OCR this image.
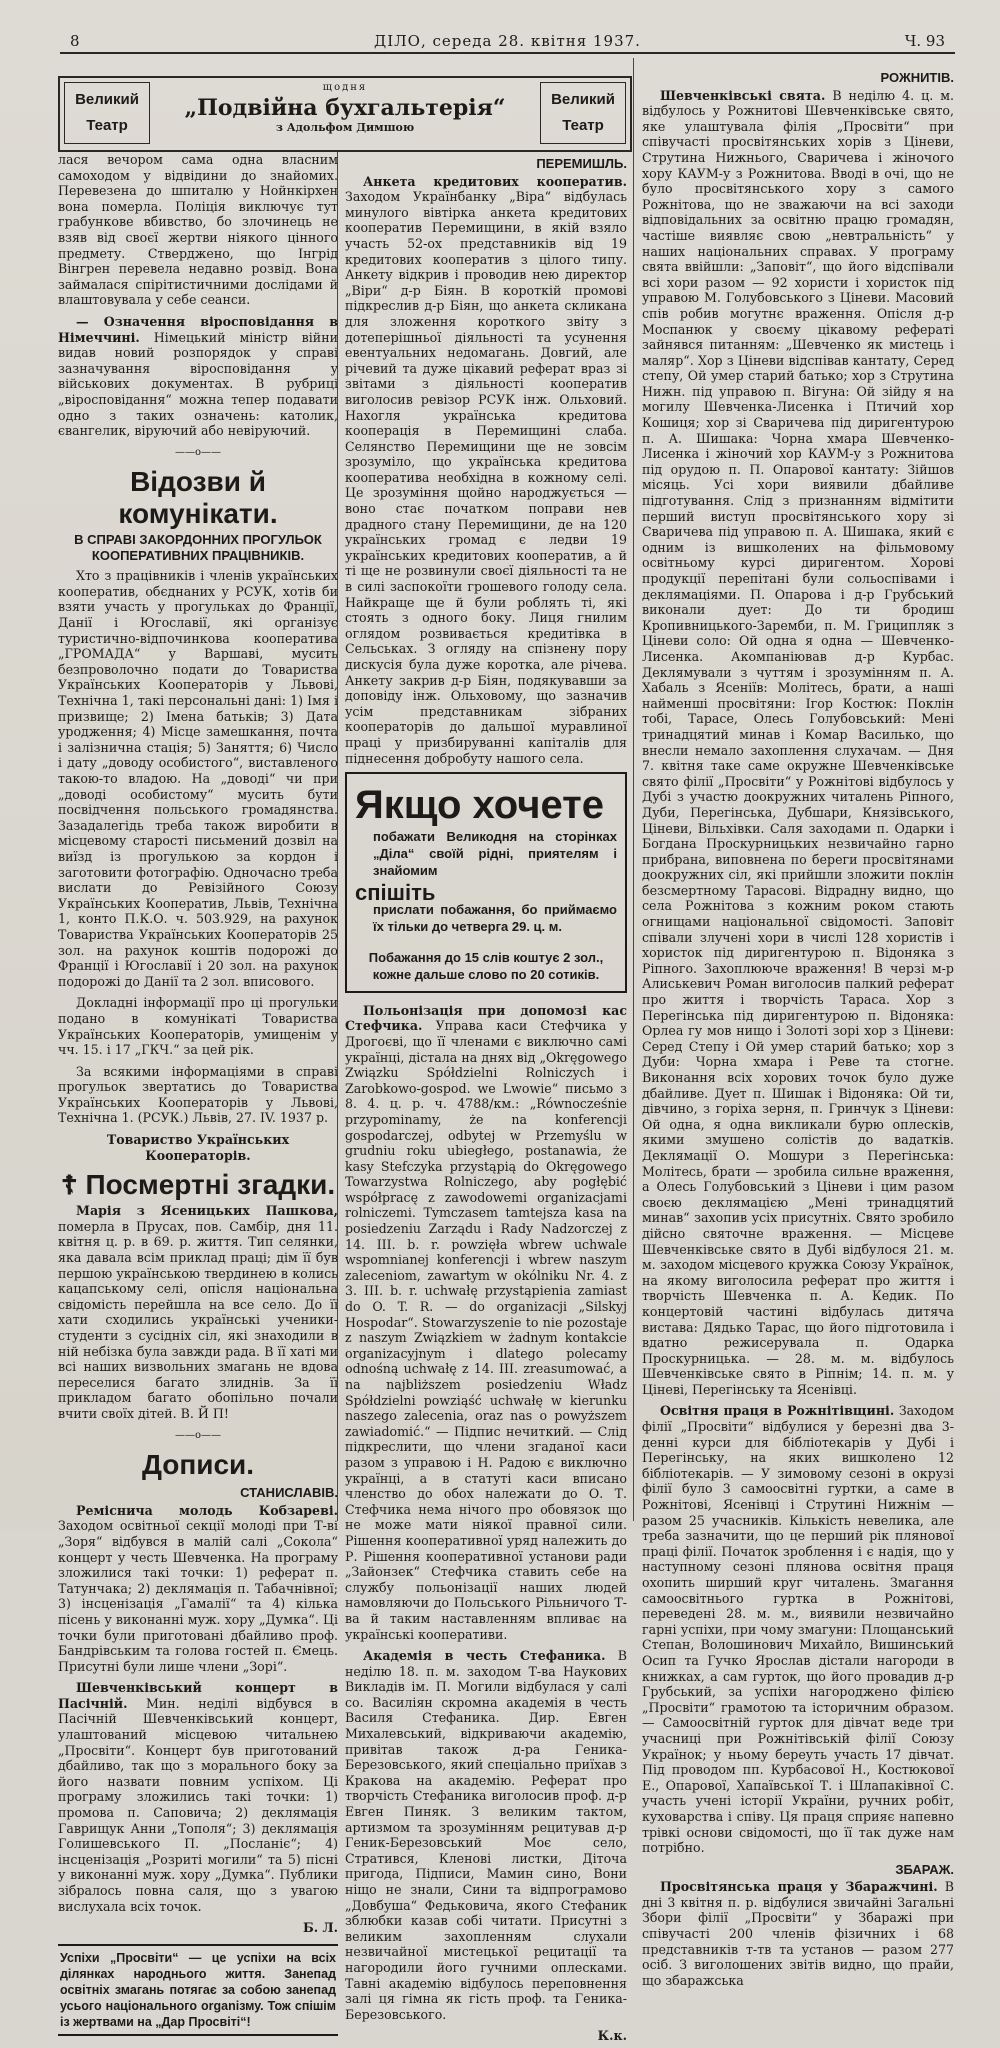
8	ДІЛО, середа 28. квітня 1937.	Ч. 93
Великий Театр
щодня
„Подвійна бухгальтерія“
з Адольфом Димшою
Великий Театр

лася вечором сама одна власним самоходом у відвідини до знайомих. Перевезена до шпиталю у Нойнкірхен вона померла. Поліція виключує тут грабункове вбивство, бо злочинець не взяв від своєї жертви ніякого цінного предмету. Стверджено, що Інгрід Вінгрен перевела недавно розвід. Вона займалася спірітистичними дослідами й влаштовувала у себе сеанси.

— Означення віросповідання в Німеччині. Німецький міністр війни видав новий розпорядок у справі зазначування віросповідання у військових документах. В рубриці „віросповідання“ можна тепер подавати одно з таких означень: католик, євангелик, віруючий або невіруючий.

——o——
Відозви й комунікати.
В СПРАВІ ЗАКОРДОННИХ ПРОГУЛЬОК КООПЕРАТИВНИХ ПРАЦІВНИКІВ.

Хто з працівників і членів українських кооператив, обєднаних у РСУК, хотів би взяти участь у прогульках до Франції, Данії і Югославії, які організує туристично-відпочинкова кооператива „ГРОМАДА“ у Варшаві, мусить безпроволочно подати до Товариства Українських Кооператорів у Львові, Технічна 1, такі персональні дані: 1) Імя і призвище; 2) Імена батьків; 3) Дата уродження; 4) Місце замешкання, почта і залізнична стація; 5) Заняття; 6) Число і дату „доводу особистого“, виставленого такою-то владою. На „доводі“ чи при „доводі особистому“ мусить бути посвідчення польського громадянства. Зазадалегідь треба також виробити в місцевому старості письмений дозвіл на виїзд із прогулькою за кордон і заготовити фотографію. Одночасно треба вислати до Ревізійного Союзу Українських Кооператив, Львів, Технічна 1, конто П.К.О. ч. 503.929, на рахунок Товариства Українських Кооператорів 25 зол. на рахунок коштів подорожі до Франції і Югославії і 20 зол. на рахунок подорожі до Данії та 2 зол. вписового.

Докладні інформації про ці прогульки подано в комунікаті Товариства Українських Кооператорів, умищенім у чч. 15. і 17 „ГКЧ.“ за цей рік.

За всякими інформаціями в справі прогульок звертатись до Товариства Українських Кооператорів у Львові, Технічна 1. (РСУК.) Львів, 27. IV. 1937 р.

Товариство Українських Кооператорів.
☦ Посмертні згадки.

Марія з Ясеницьких Пашкова, померла в Прусах, пов. Самбір, дня 11. квітня ц. р. в 69. р. життя. Тип селянки, яка давала всім приклад праці; дім її був першою українською твердинею в колись кацапському селі, опісля національна свідомість перейшла на все село. До її хати сходились українські ученики-студенти з сусідніх сіл, які знаходили в ній небізка була завжди рада. В її хаті ми всі наших визвольних змагань не вдова переселися багато злиднів. За її прикладом багато обопільно почали вчити своїх дітей. В. Й П!

——o——
Дописи.
СТАНИСЛАВІВ.

Реміснича молодь Кобзареві. Заходом освітньої секції молоді при Т-ві „Зоря“ відбувся в малій салі „Сокола“ концерт у честь Шевченка. На програму зложилися такі точки: 1) реферат п. Татунчака; 2) деклямація п. Табачнівної; 3) інсценізація „Гамалії“ та 4) кілька пісень у виконанні муж. хору „Думка“. Ці точки були приготовані дбайливо проф. Бандрівським та голова гостей п. Ємець. Присутні були лише члени „Зорі“.

Шевченківський концерт в Пасічній. Мин. неділі відбувся в Пасічній Шевченківський концерт, улаштований місцевою читальнею „Просвіти“. Концерт був приготований дбайливо, так що з морального боку за його назвати повним успіхом. Ці програму зложились такі точки: 1) промова п. Саповича; 2) деклямація Гаврищук Анни „Тополя“; 3) деклямація Голишевського П. „Посланіє“; 4) інсценізація „Розриті могили“ та 5) пісні у виконанні муж. хору „Думка“. Публики зібралось повна саля, що з увагою вислухала всіх точок.

Б. Л.
Успіхи „Просвіти“ — це успіхи на всіх ділянках народнього життя. Занепад освітніх змагань потягає за собою занепад усього національного organізму. Тож спішім із жертвами на „Дар Просвіті“!
ПЕРЕМИШЛЬ.

Анкета кредитових кооператив. Заходом Українбанку „Віра“ відбулась минулого вівтірка анкета кредитових кооператив Перемищини, в якій взяло участь 52-ох представників від 19 кредитових кооператив з цілого типу. Анкету відкрив і проводив нею директор „Віри“ д-р Біян. В короткій промові підкреслив д-р Біян, що анкета скликана для зложення короткого звіту з дотеперішньої діяльності та усунення евентуальних недомагань. Довгий, але річевий та дуже цікавий реферат враз зі звітами з діяльності кооператив виголосив ревізор РСУК інж. Ольховий. Нахогля українська кредитова кооперація в Перемищині слаба. Селянство Перемищини ще не зовсім зрозуміло, що українська кредитова кооператива необхідна в кожному селі. Це зрозуміння щойно народжується — воно стає початком поправи нев драдного стану Перемищини, де на 120 українських громад є ледви 19 українських кредитових кооператив, а й ті ще не розвинули своєї діяльності та не в силі заспокоїти грошевого голоду села. Найкраще ще й були роблять ті, які стоять з одного боку. Лиця гнилим оглядом розвивається кредитівка в Сельськах. З огляду на спізнену пору дискусія була дуже коротка, але річева. Анкету закрив д-р Біян, подякувавши за доповіду інж. Ольховому, що зазначив усім представникам зібраних кооператорів до дальшої муравлиної праці у призбируванні капіталів для піднесення добробуту нашого села.

Якщо хочете
побажати Великодня на сторінках „Діла“ своїй рідні, приятелям і знайомим
спішіть
прислати побажання, бо приймаємо їх тільки до четверга 29. ц. м.
Побажання до 15 слів коштує 2 зол., кожне дальше слово по 20 сотиків.

Польонізація при допомозі кас Стефчика. Управа каси Стефчика у Дрогоєві, що її членами є виключно самі українці, дістала на днях від „Okręgowego Związku Spółdzielni Rolniczych i Zarobkowo-gospod. we Lwowie“ письмо з 8. 4. ц. р. ч. 4788/км.: „Równocześnie przypominamy, że na konferencji gospodarczej, odbytej w Przemyślu w grudniu roku ubiegłego, postanawia, że kasy Stefczyka przystąpią do Okręgowego Towarzystwa Rolniczego, aby pogłębić współpracę z zawodowemi organizacjami rolniczemi. Tymczasem tamtejsza kasa na posiedzeniu Zarządu i Rady Nadzorczej z 14. III. b. r. powzięła wbrew uchwale wspomnianej konferencji i wbrew naszym zaleceniom, zawartym w okólniku Nr. 4. z 3. III. b. r. uchwałę przystąpienia zamiast do O. T. R. — do organizacji „Silskyj Hospodar“. Stowarzyszenie to nie pozostaje z naszym Związkiem w żadnym kontakcie organizacyjnym i dlatego polecamy odnośną uchwałę z 14. III. zreasumować, a na najbliższem posiedzeniu Władz Spółdzielni powziąść uchwałę w kierunku naszego zalecenia, oraz nas o powyższem zawiadomić.“ — Підпис нечиткий. — Слід підкреслити, що члени згаданої каси разом з управою і Н. Радою є виключно українці, а в статуті каси вписано членство до обох належати до О. Т. Стефчика нема нічого про обовязок що не може мати ніякої правної сили. Рішення кооперативної уряд належить до Р. Рішення кооперативної установи ради „Зайонзек“ Стефчика ставить себе на службу польонізації наших людей намовляючи до Польського Рільничого Т-ва й таким наставленням впливає на українські кооперативи.

Академія в честь Стефаника. В неділю 18. п. м. заходом Т-ва Наукових Викладів ім. П. Могили відбулася у салі со. Василіян скромна академія в честь Василя Стефаника. Дир. Евген Михалевський, відкриваючи академію, привітав також д-ра Геника-Березовського, який спеціально приїхав з Кракова на академію. Реферат про творчість Стефаника виголосив проф. д-р Евген Пиняк. З великим тактом, артизмом та зрозумінням рецитував д-р Геник-Березовський Моє село, Стратився, Кленові листки, Діточа пригода, Підписи, Мамин сино, Вони ніщо не знали, Сини та відпрограмово „Довбуша“ Федьковича, якого Стефаник зблюбки казав собі читати. Присутні з великим захопленням слухали незвичайної мистецької рецитації та нагородили його гучними оплесками. Тавні академію відбулось переповнення залі ця гімна як гість проф. та Геника-Березовського.

К.к.
РОЖНИТІВ.

Шевченківські свята. В неділю 4. ц. м. відбулось у Рожнитові Шевченківське свято, яке улаштувала філія „Просвіти“ при співучасті просвітянських хорів з Ціневи, Струтина Нижнього, Сваричева і жіночого хору КАУМ-у з Рожнитова. Вводі в очі, що не було просвітянського хору з самого Рожнітова, що не зважаючи на всі заходи відповідальних за освітню працю громадян, частіше виявляє свою „невтральність“ у наших національних справах. У програму свята ввійшли: „Заповіт“, що його відспівали всі хори разом — 92 хористи і хористок під управою М. Голубовського з Ціневи. Масовий спів робив могутнє враження. Опісля д-р Моспанюк у своєму цікавому рефераті зайнявся питанням: „Шевченко як мистець і маляр“. Хор з Ціневи відспівав кантату, Серед степу, Ой умер старий батько; хор з Струтина Нижн. під управою п. Вігуна: Ой зійду я на могилу Шевченка-Лисенка і Птичий хор Кошиця; хор зі Сваричева під диригентурою п. А. Шишака: Чорна хмара Шевченко-Лисенка і жіночий хор КАУМ-у з Рожнитова під орудою п. П. Опарової кантату: Зійшов місяць. Усі хори виявили дбайливе підготування. Слід з признанням відмітити перший виступ просвітянського хору зі Сваричева під управою п. А. Шишака, який є одним із вишколених на фільмовому освітньому курсі диригентом. Хорові продукції перепітані були сольоспівами і деклямаціями. П. Опарова і д-р Грубський виконали дует: До ти бродиш Кропивницького-Заремби, п. М. Гриципляк з Ціневи соло: Ой одна я одна — Шевченко-Лисенка. Акомпаніював д-р Курбас. Деклямували з чуттям і зрозумінням п. А. Хабаль з Ясеніїв: Молітесь, брати, а наші найменші просвітяни: Ігор Костюк: Поклін тобі, Тарасе, Олесь Голубовський: Мені тринадцятий минав і Комар Василько, що внесли немало захоплення слухачам. — Дня 7. квітня таке саме окружне Шевченківське свято філії „Просвіти“ у Рожнітові відбулось у Дубі з участю доокружних читалень Ріпного, Дуби, Перегінська, Дубшари, Князівського, Ціневи, Вільхівки. Саля заходами п. Одарки і Богдана Проскурницьких незвичайно гарно прибрана, виповнена по береги просвітянами доокружних сіл, які прийшли зложити поклін безсмертному Тарасові. Відрадну видно, що села Рожнітова з кожним роком стають огнищами національної свідомості. Заповіт співали злучені хори в числі 128 хористів і хористок під диригентурою п. Відоняка з Ріпного. Захоплююче враження! В черзі м-р Алиськевич Роман виголосив палкий реферат про життя і творчість Тараса. Хор з Перегінська під диригентурою п. Відоняка: Орлеа гу мов нищо і Золоті зорі хор з Ціневи: Серед Степу і Ой умер старий батько; хор з Дуби: Чорна хмара і Реве та стогне. Виконання всіх хорових точок було дуже дбайливе. Дует п. Шишак і Відоняка: Ой ти, дівчино, з горіха зерня, п. Гринчук з Ціневи: Ой одна, я одна викликали бурю оплесків, якими змушено солістів до вадатків. Деклямації О. Мошури з Перегінська: Молітесь, брати — зробила сильне враження, а Олесь Голубовський з Ціневи і цим разом своєю деклямацією „Мені тринадцятий минав“ захопив усіх присутніх. Свято зробило дійсно святочне враження. — Місцеве Шевченківське свято в Дубі відбулося 21. м. м. заходом місцевого кружка Союзу Українок, на якому виголосила реферат про життя і творчість Шевченка п. А. Кедик. По концертовій частині відбулась дитяча вистава: Дядько Тарас, що його підготовила і вдатно режисерувала п. Одарка Проскурницька. — 28. м. м. відбулось Шевченківське свято в Ріпнім; 14. п. м. у Ціневі, Перегінську та Ясенівці.

Освітня праця в Рожнітівщині. Заходом філії „Просвіти“ відбулися у березні два 3-денні курси для бібліотекарів у Дубі і Перегінську, на яких вишколено 12 бібліотекарів. — У зимовому сезоні в окрузі філії було 3 самоосвітні гуртки, а саме в Рожнітові, Ясенівці і Струтині Нижнім — разом 25 учасників. Кількість невелика, але треба зазначити, що це перший рік плянової праці філії. Початок зроблення і є надія, що у наступному сезоні плянова освітня праця охопить ширший круг читалень. Змагання самоосвітнього гуртка в Рожнітові, переведені 28. м. м., виявили незвичайно гарні успіхи, при чому змагуни: Площанський Степан, Волошинович Михайло, Вишинський Осип та Гучко Ярослав дістали нагороди в книжках, а сам гурток, що його провадив д-р Грубський, за успіхи нагороджено філією „Просвіти“ грамотою та історичним образом. — Самоосвітній гурток для дівчат веде три учасниці при Рожнітівській філії Союзу Українок; у ньому береуть участь 17 дівчат. Під проводом пп. Курбасової Н., Костюкової Е., Опарової, Хапаївської Т. і Шлапаківної С. участь учені історії України, ручних робіт, куховарства і співу. Ця праця сприяє напевно трівкі основи свідомості, що її так дуже нам потрібно.

ЗБАРАЖ.

Просвітянська праця у Збаражчині. В дні 3 квітня п. р. відбулися звичайні Загальні Збори філії „Просвіти“ у Збаражі при співучасті 200 членів фізичних і 68 представників т-тв та установ — разом 277 осіб. З виголошених звітів видно, що прайи, що збаражська
